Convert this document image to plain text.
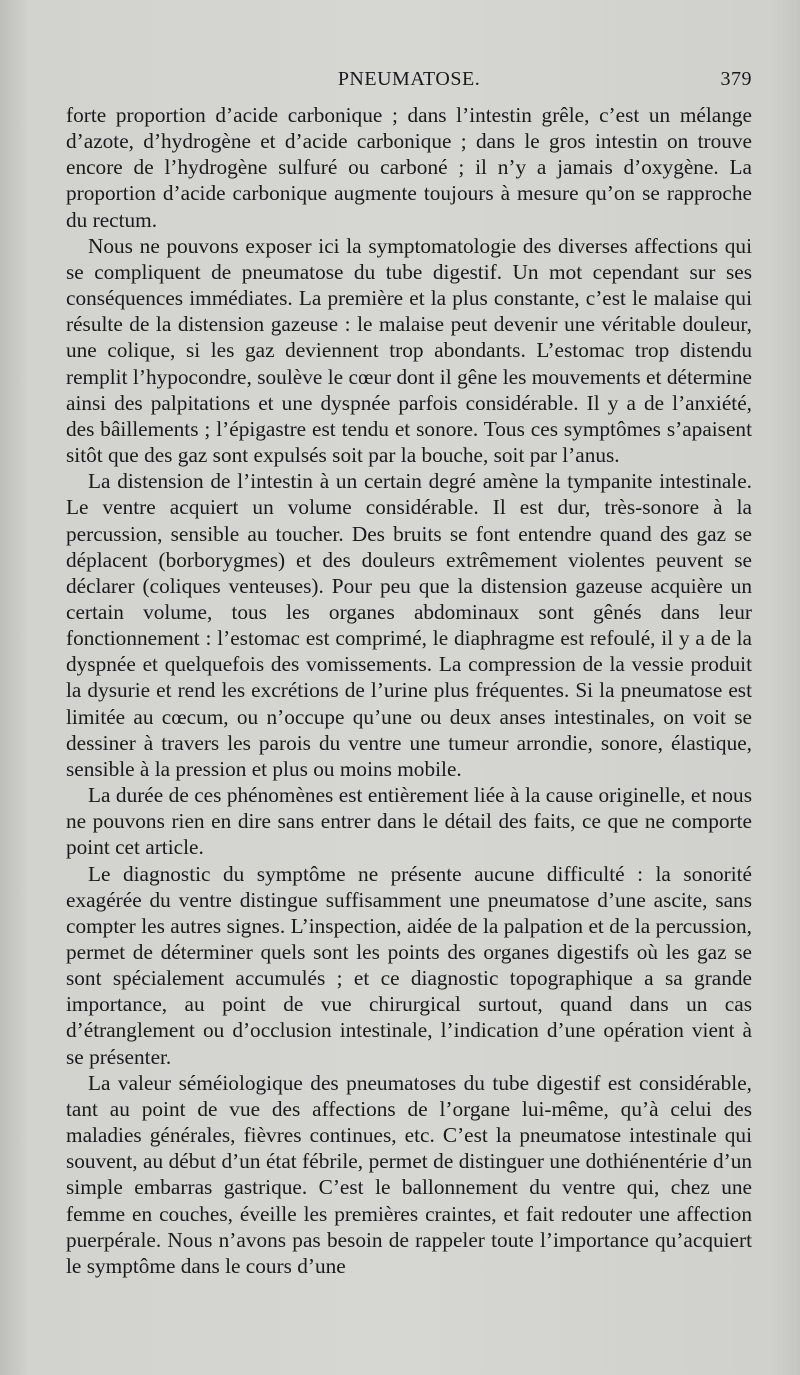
PNEUMATOSE.	379

forte proportion d’acide carbonique ; dans l’intestin grêle, c’est un mélange d’azote, d’hydrogène et d’acide carbonique ; dans le gros intestin on trouve encore de l’hydrogène sulfuré ou carboné ; il n’y a jamais d’oxygène. La proportion d’acide carbonique augmente toujours à mesure qu’on se rapproche du rectum.

Nous ne pouvons exposer ici la symptomatologie des diverses affections qui se compliquent de pneumatose du tube digestif. Un mot cependant sur ses conséquences immédiates. La première et la plus constante, c’est le malaise qui résulte de la distension gazeuse : le malaise peut devenir une véritable douleur, une colique, si les gaz deviennent trop abondants. L’estomac trop distendu remplit l’hypocondre, soulève le cœur dont il gêne les mouvements et détermine ainsi des palpitations et une dyspnée parfois considérable. Il y a de l’anxiété, des bâillements ; l’épigastre est tendu et sonore. Tous ces symptômes s’apaisent sitôt que des gaz sont expulsés soit par la bouche, soit par l’anus.

La distension de l’intestin à un certain degré amène la tympanite intestinale. Le ventre acquiert un volume considérable. Il est dur, très-sonore à la percussion, sensible au toucher. Des bruits se font entendre quand des gaz se déplacent (borborygmes) et des douleurs extrêmement violentes peuvent se déclarer (coliques venteuses). Pour peu que la distension gazeuse acquière un certain volume, tous les organes abdominaux sont gênés dans leur fonctionnement : l’estomac est comprimé, le diaphragme est refoulé, il y a de la dyspnée et quelquefois des vomissements. La compression de la vessie produit la dysurie et rend les excrétions de l’urine plus fréquentes. Si la pneumatose est limitée au cœcum, ou n’occupe qu’une ou deux anses intestinales, on voit se dessiner à travers les parois du ventre une tumeur arrondie, sonore, élastique, sensible à la pression et plus ou moins mobile.

La durée de ces phénomènes est entièrement liée à la cause originelle, et nous ne pouvons rien en dire sans entrer dans le détail des faits, ce que ne comporte point cet article.

Le diagnostic du symptôme ne présente aucune difficulté : la sonorité exagérée du ventre distingue suffisamment une pneumatose d’une ascite, sans compter les autres signes. L’inspection, aidée de la palpation et de la percussion, permet de déterminer quels sont les points des organes digestifs où les gaz se sont spécialement accumulés ; et ce diagnostic topographique a sa grande importance, au point de vue chirurgical surtout, quand dans un cas d’étranglement ou d’occlusion intestinale, l’indication d’une opération vient à se présenter.

La valeur séméiologique des pneumatoses du tube digestif est considérable, tant au point de vue des affections de l’organe lui-même, qu’à celui des maladies générales, fièvres continues, etc. C’est la pneumatose intestinale qui souvent, au début d’un état fébrile, permet de distinguer une dothiénentérie d’un simple embarras gastrique. C’est le ballonnement du ventre qui, chez une femme en couches, éveille les premières craintes, et fait redouter une affection puerpérale. Nous n’avons pas besoin de rappeler toute l’importance qu’acquiert le symptôme dans le cours d’une
